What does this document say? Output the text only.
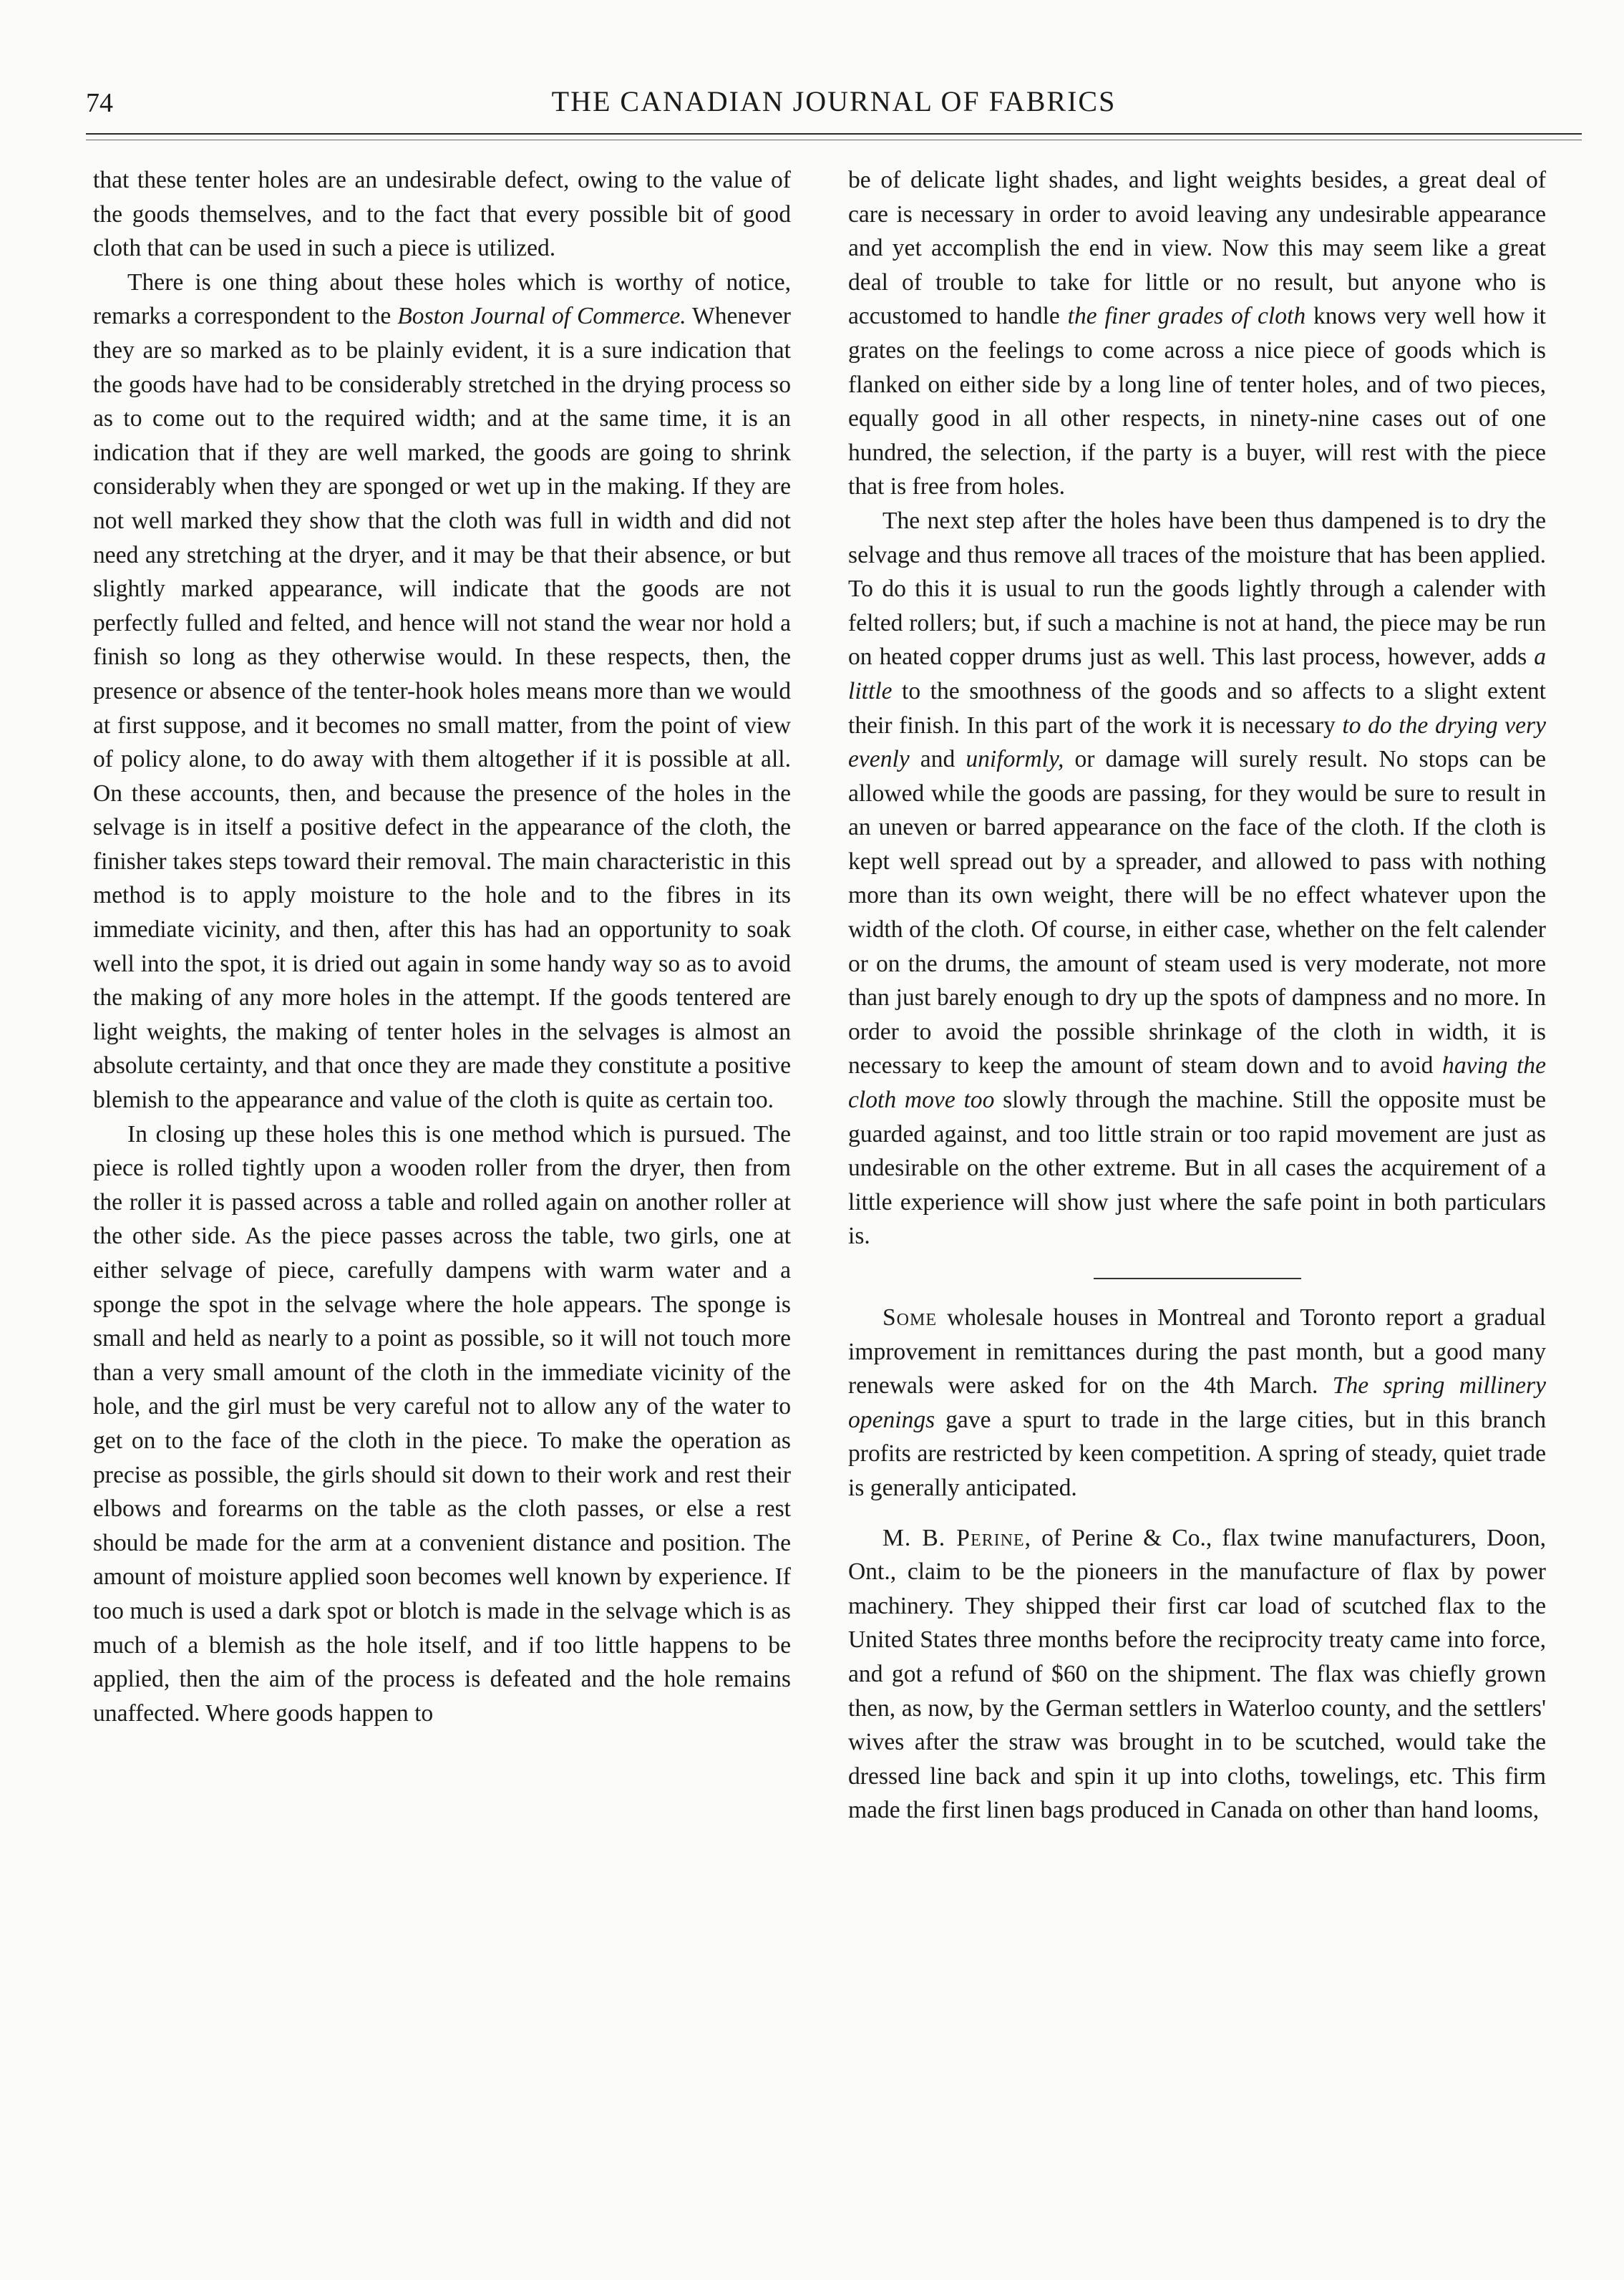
74	THE CANADIAN JOURNAL OF FABRICS

that these tenter holes are an undesirable defect, owing to the value of the goods themselves, and to the fact that every possible bit of good cloth that can be used in such a piece is utilized.

There is one thing about these holes which is worthy of notice, remarks a correspondent to the Boston Journal of Commerce. Whenever they are so marked as to be plainly evident, it is a sure indication that the goods have had to be considerably stretched in the drying process so as to come out to the required width; and at the same time, it is an indication that if they are well marked, the goods are going to shrink considerably when they are sponged or wet up in the making. If they are not well marked they show that the cloth was full in width and did not need any stretching at the dryer, and it may be that their absence, or but slightly marked appearance, will indicate that the goods are not perfectly fulled and felted, and hence will not stand the wear nor hold a finish so long as they otherwise would. In these respects, then, the presence or absence of the tenter-hook holes means more than we would at first suppose, and it becomes no small matter, from the point of view of policy alone, to do away with them altogether if it is possible at all. On these accounts, then, and because the presence of the holes in the selvage is in itself a positive defect in the appearance of the cloth, the finisher takes steps toward their removal. The main characteristic in this method is to apply moisture to the hole and to the fibres in its immediate vicinity, and then, after this has had an opportunity to soak well into the spot, it is dried out again in some handy way so as to avoid the making of any more holes in the attempt. If the goods tentered are light weights, the making of tenter holes in the selvages is almost an absolute certainty, and that once they are made they constitute a positive blemish to the appearance and value of the cloth is quite as certain too.

In closing up these holes this is one method which is pursued. The piece is rolled tightly upon a wooden roller from the dryer, then from the roller it is passed across a table and rolled again on another roller at the other side. As the piece passes across the table, two girls, one at either selvage of piece, carefully dampens with warm water and a sponge the spot in the selvage where the hole appears. The sponge is small and held as nearly to a point as possible, so it will not touch more than a very small amount of the cloth in the immediate vicinity of the hole, and the girl must be very careful not to allow any of the water to get on to the face of the cloth in the piece. To make the operation as precise as possible, the girls should sit down to their work and rest their elbows and forearms on the table as the cloth passes, or else a rest should be made for the arm at a convenient distance and position. The amount of moisture applied soon becomes well known by experience. If too much is used a dark spot or blotch is made in the selvage which is as much of a blemish as the hole itself, and if too little happens to be applied, then the aim of the process is defeated and the hole remains unaffected. Where goods happen to

be of delicate light shades, and light weights besides, a great deal of care is necessary in order to avoid leaving any undesirable appearance and yet accomplish the end in view. Now this may seem like a great deal of trouble to take for little or no result, but anyone who is accustomed to handle the finer grades of cloth knows very well how it grates on the feelings to come across a nice piece of goods which is flanked on either side by a long line of tenter holes, and of two pieces, equally good in all other respects, in ninety-nine cases out of one hundred, the selection, if the party is a buyer, will rest with the piece that is free from holes.

The next step after the holes have been thus dampened is to dry the selvage and thus remove all traces of the moisture that has been applied. To do this it is usual to run the goods lightly through a calender with felted rollers; but, if such a machine is not at hand, the piece may be run on heated copper drums just as well. This last process, however, adds a little to the smoothness of the goods and so affects to a slight extent their finish. In this part of the work it is necessary to do the drying very evenly and uniformly, or damage will surely result. No stops can be allowed while the goods are passing, for they would be sure to result in an uneven or barred appearance on the face of the cloth. If the cloth is kept well spread out by a spreader, and allowed to pass with nothing more than its own weight, there will be no effect whatever upon the width of the cloth. Of course, in either case, whether on the felt calender or on the drums, the amount of steam used is very moderate, not more than just barely enough to dry up the spots of dampness and no more. In order to avoid the possible shrinkage of the cloth in width, it is necessary to keep the amount of steam down and to avoid having the cloth move too slowly through the machine. Still the opposite must be guarded against, and too little strain or too rapid movement are just as undesirable on the other extreme. But in all cases the acquirement of a little experience will show just where the safe point in both particulars is.

Some wholesale houses in Montreal and Toronto report a gradual improvement in remittances during the past month, but a good many renewals were asked for on the 4th March. The spring millinery openings gave a spurt to trade in the large cities, but in this branch profits are restricted by keen competition. A spring of steady, quiet trade is generally anticipated.

M. B. Perine, of Perine & Co., flax twine manufacturers, Doon, Ont., claim to be the pioneers in the manufacture of flax by power machinery. They shipped their first car load of scutched flax to the United States three months before the reciprocity treaty came into force, and got a refund of $60 on the shipment. The flax was chiefly grown then, as now, by the German settlers in Waterloo county, and the settlers' wives after the straw was brought in to be scutched, would take the dressed line back and spin it up into cloths, towelings, etc. This firm made the first linen bags produced in Canada on other than hand looms,
